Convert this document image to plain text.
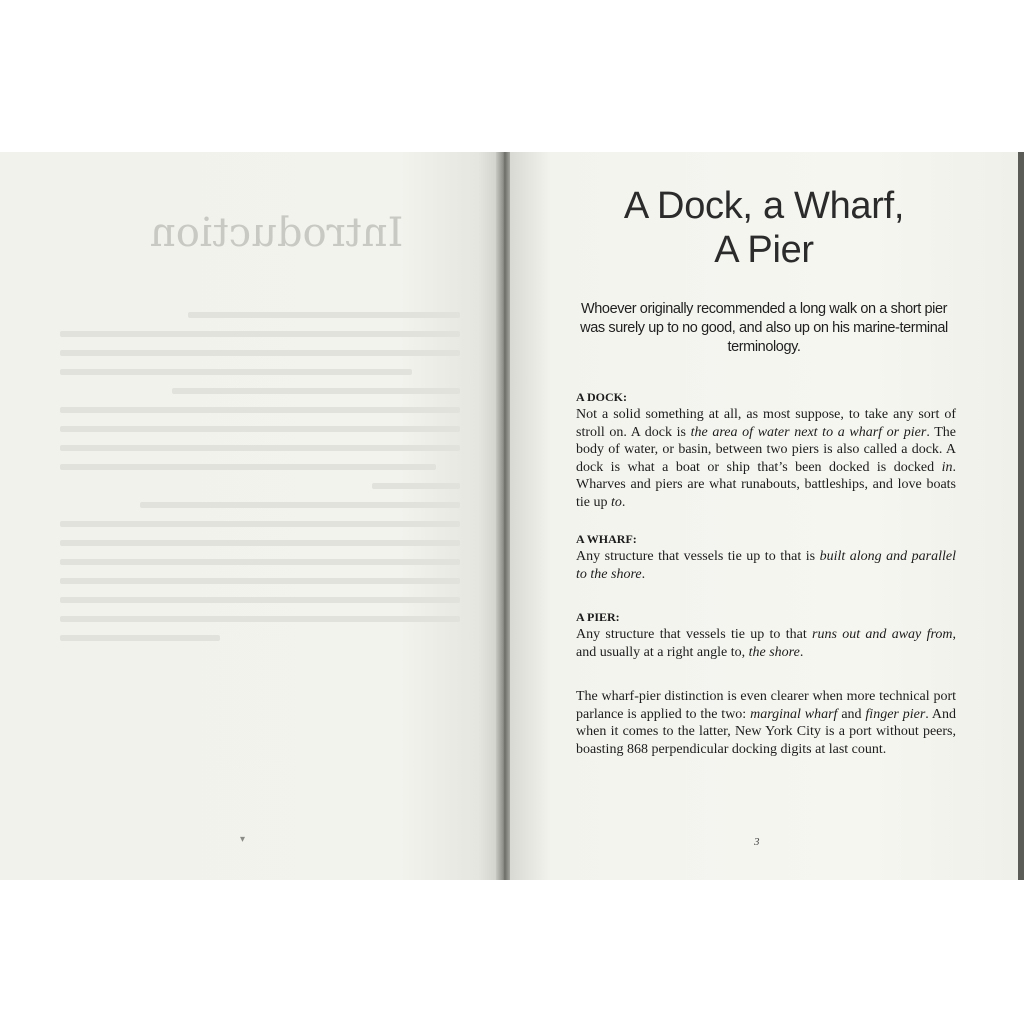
Introduction
▾
A Dock, a Wharf,
A Pier
Whoever originally recommended a long walk on a short pier was surely up to no good, and also up on his marine-terminal terminology.
A DOCK:
Not a solid something at all, as most suppose, to take any sort of stroll on. A dock is the area of water next to a wharf or pier. The body of water, or basin, between two piers is also called a dock. A dock is what a boat or ship that’s been docked is docked in. Wharves and piers are what runabouts, battleships, and love boats tie up to.
A WHARF:
Any structure that vessels tie up to that is built along and parallel to the shore.
A PIER:
Any structure that vessels tie up to that runs out and away from, and usually at a right angle to, the shore.
The wharf-pier distinction is even clearer when more technical port parlance is applied to the two: marginal wharf and finger pier. And when it comes to the latter, New York City is a port without peers, boasting 868 perpendicular docking digits at last count.
3
